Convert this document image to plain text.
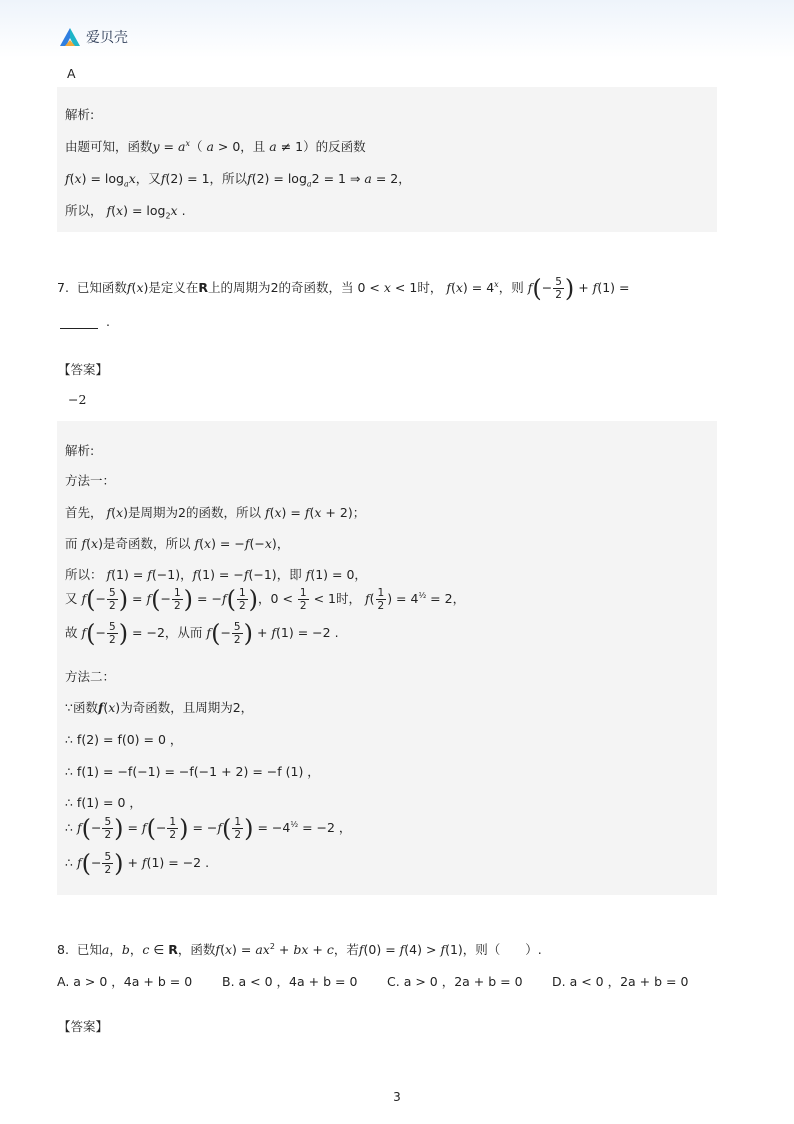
爱贝壳
A
解析:
由题可知，函数$y = a^x$（ a > 0，且 a ≠ 1）的反函数
$f(x) = \log_ax$，又f(2) = 1，所以$f(2) = \log_a2 = 1$ ⇒ a = 2，
所以， $f(x) = \log_2x$ .
7. 已知函数f(x)是定义在R上的周期为2的奇函数，当 0 < x < 1时， $f(x) = 4^x$，则 $f(- \frac{5}{2}$ ) + f(1) =
.
【答案】
−2
解析:
方法一：
首先， f(x)是周期为2的函数，所以 f(x) = f(x + 2)；
而 f(x)是奇函数，所以 f(x) = −f(−x)，
所以： f(1) = f(−1)，f(1) = −f(−1)，即 f(1) = 0，
又 $f(- \frac{5}{2}$ ) = $f(- \frac{1}{2}$ ) = $-f( \frac{1}{2}$ )，$0 < \frac{1}{2} < 1$时， $f( \frac{1}{2}$ ) = $4^{\frac{1}{2}} = 2$，
故 $f(- \frac{5}{2}$ ) = −2，从而 $f(- \frac{5}{2}$ ) + f(1) = −2 .
方法二：
∵函数f(x)为奇函数，且周期为2，
∴ f(2) = f(0) = 0 ，
∴ f(1) = −f(−1) = −f(−1 + 2) = −f (1) ，
∴ f(1) = 0 ，
∴ $f(- \frac{5}{2}$ ) = $f(- \frac{1}{2}$ ) = $-f( \frac{1}{2}$ ) = $-4^{\frac{1}{2}} = -2$ ，
∴ $f(- \frac{5}{2}$ ) + f(1) = −2 .
8. 已知a，b，c ∈ R，函数$f(x) = ax^2$ + bx + c，若f(0) = f(4) > f(1)，则（　　）.
A. a > 0 ，4a + b = 0 B. a < 0 ，4a + b = 0 C. a > 0 ，2a + b = 0 D. a < 0 ，2a + b = 0
【答案】
3
